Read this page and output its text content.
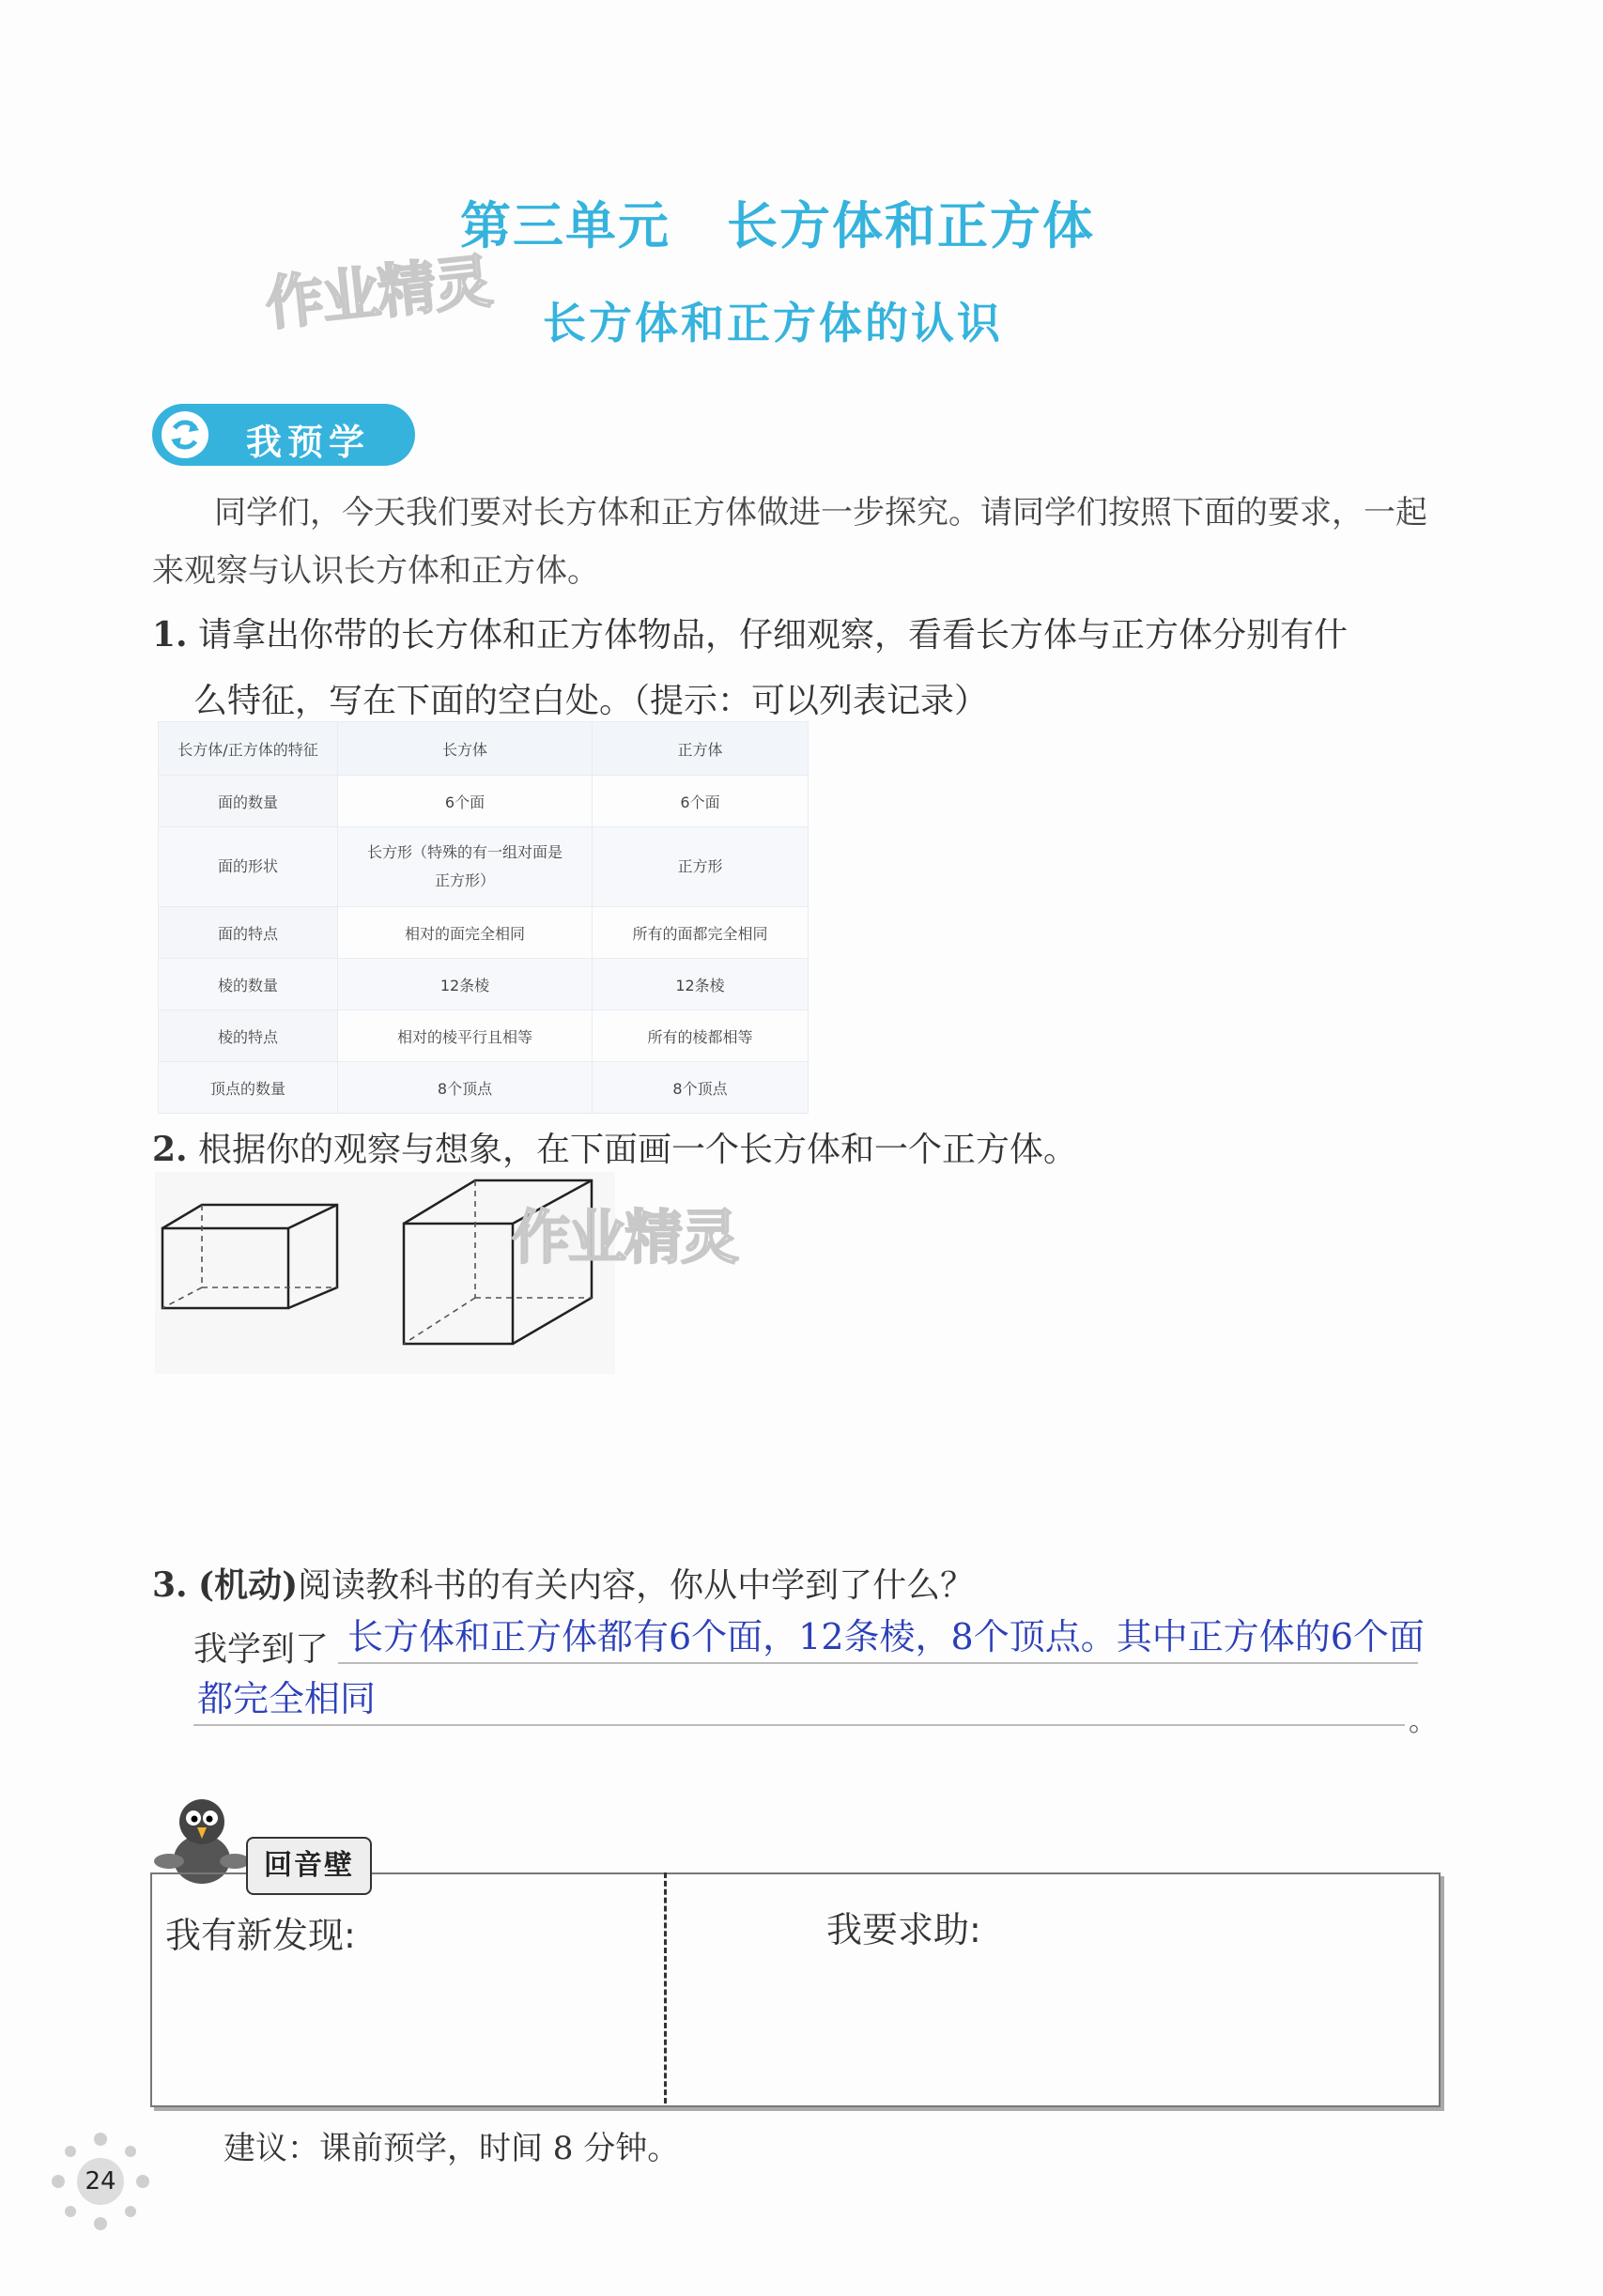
第三单元 长方体和正方体
作业精灵 长方体和正方体的认识
我预学
同学们，今天我们要对长方体和正方体做进一步探究。请同学们按照下面的要求，一起
来观察与认识长方体和正方体。
1. 请拿出你带的长方体和正方体物品，仔细观察，看看长方体与正方体分别有什
么特征，写在下面的空白处。（提示：可以列表记录）
长方体/正方体的特征	长方体	正方体
面的数量	6个面	6个面
面的形状	长方形（特殊的有一组对面是
正方形）	正方形
面的特点	相对的面完全相同	所有的面都完全相同
棱的数量	12条棱	12条棱
棱的特点	相对的棱平行且相等	所有的棱都相等
顶点的数量	8个顶点	8个顶点
2. 根据你的观察与想象，在下面画一个长方体和一个正方体。
作业精灵
3. (机动)阅读教科书的有关内容，你从中学到了什么？
我学到了 长方体和正方体都有6个面，12条棱，8个顶点。其中正方体的6个面
都完全相同
。
回音壁
我有新发现:	我要求助:
建议：课前预学，时间 8 分钟。
24
